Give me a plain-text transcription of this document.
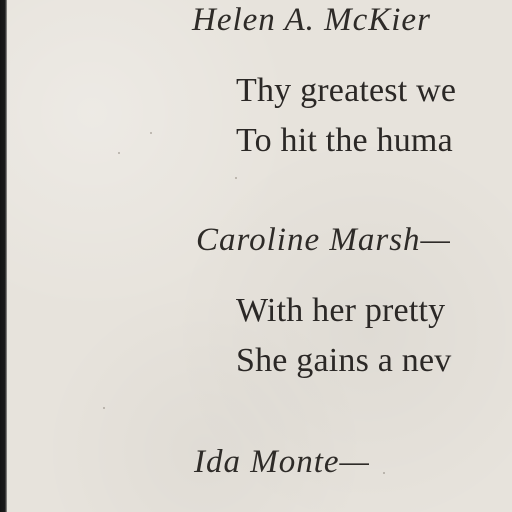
Helen A. McKier
Thy greatest we
To hit the huma
Caroline Marsh—
With her pretty
She gains a nev
Ida Monte—
